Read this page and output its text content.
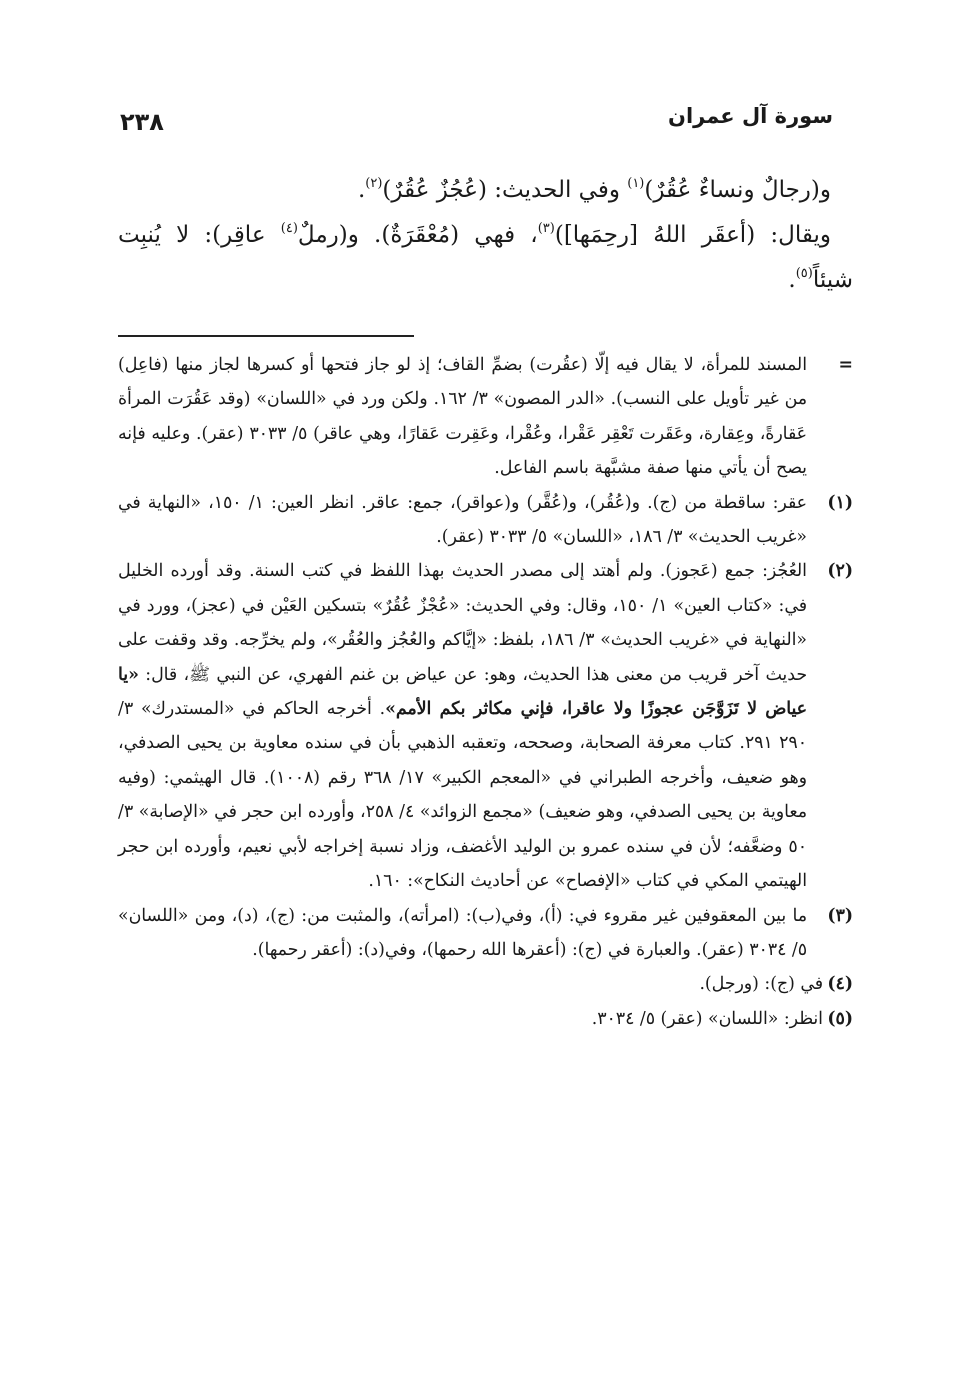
سورة آل عمران
٢٣٨

و(رجالٌ ونساءٌ عُقُرٌ)$^{(١)}$ وفي الحديث: (عُجُزٌ عُقُرٌ)$^{(٢)}$.

ويقال: (أعقَر اللهُ [رحِمَها])$^{(٣)}$، فهي (مُعْقَرَةٌ). و(رملٌ$^{(٤)}$ عاقِر): لا يُنبِت شيئاً$^{(٥)}$.

=
المسند للمرأة، لا يقال فيه إلّا (عقُرت) بضمِّ القاف؛ إذ لو جاز فتحها أو كسرها لجاز منها (فاعِل) من غير تأويل على النسب). «الدر المصون» ٣/ ١٦٢. ولكن ورد في «اللسان» (وقد عَقُرَت المرأة عَقارةً، وعِقارة، وعَقَرت تَعْقِر عَقْرا، وعُقْرا، وعَقِرت عَقارًا، وهي عاقر) ٥/ ٣٠٣٣ (عقر). وعليه فإنه يصح أن يأتي منها صفة مشبَّهة باسم الفاعل.

(١)
عقر: ساقطة من (ج). و(عُقُر)، و(عُقَّر) و(عواقر)، جمع: عاقر. انظر العين: ١/ ١٥٠، «النهاية في «غريب الحديث» ٣/ ١٨٦، «اللسان» ٥/ ٣٠٣٣ (عقر).

(٢)
العُجُز: جمع (عَجوز). ولم أهتد إلى مصدر الحديث بهذا اللفظ في كتب السنة. وقد أورده الخليل في: «كتاب العين» ١/ ١٥٠، وقال: وفي الحديث: «عُجْزٌ عُقُرٌ» بتسكين العَيْن في (عجز)، وورد في «النهاية في «غريب الحديث» ٣/ ١٨٦، بلفظ: «إيَّاكم والعُجُز والعُقُر»، ولم يخرِّجه. وقد وقفت على حديث آخر قريب من معنى هذا الحديث، وهو: عن عياض بن غنم الفهري، عن النبي ﷺ، قال: «يا عياض لا تَزَوَّجَن عجوزًا ولا عاقرا، فإني مكاثر بكم الأمم». أخرجه الحاكم في «المستدرك» ٣/ ٢٩٠ ٢٩١. كتاب معرفة الصحابة، وصححه، وتعقبه الذهبي بأن في سنده معاوية بن يحيى الصدفي، وهو ضعيف، وأخرجه الطبراني في «المعجم الكبير» ١٧/ ٣٦٨ رقم (١٠٠٨). قال الهيثمي: (وفيه معاوية بن يحيى الصدفي، وهو ضعيف) «مجمع الزوائد» ٤/ ٢٥٨، وأورده ابن حجر في «الإصابة» ٣/ ٥٠ وضعَّفه؛ لأن في سنده عمرو بن الوليد الأغضف، وزاد نسبة إخراجه لأبي نعيم، وأورده ابن حجر الهيتمي المكي في كتاب «الإفصاح» عن أحاديث النكاح»: ١٦٠.

(٣)
ما بين المعقوفين غير مقروء في: (أ)، وفي(ب): (امرأته)، والمثبت من: (ج)، (د)، ومن «اللسان» ٥/ ٣٠٣٤ (عقر). والعبارة في (ج): (أعقرها الله رحمها)، وفي(د): (أعقر رحمها).

(٤)
في (ج): (ورجل).

(٥)
انظر: «اللسان» (عقر) ٥/ ٣٠٣٤.
